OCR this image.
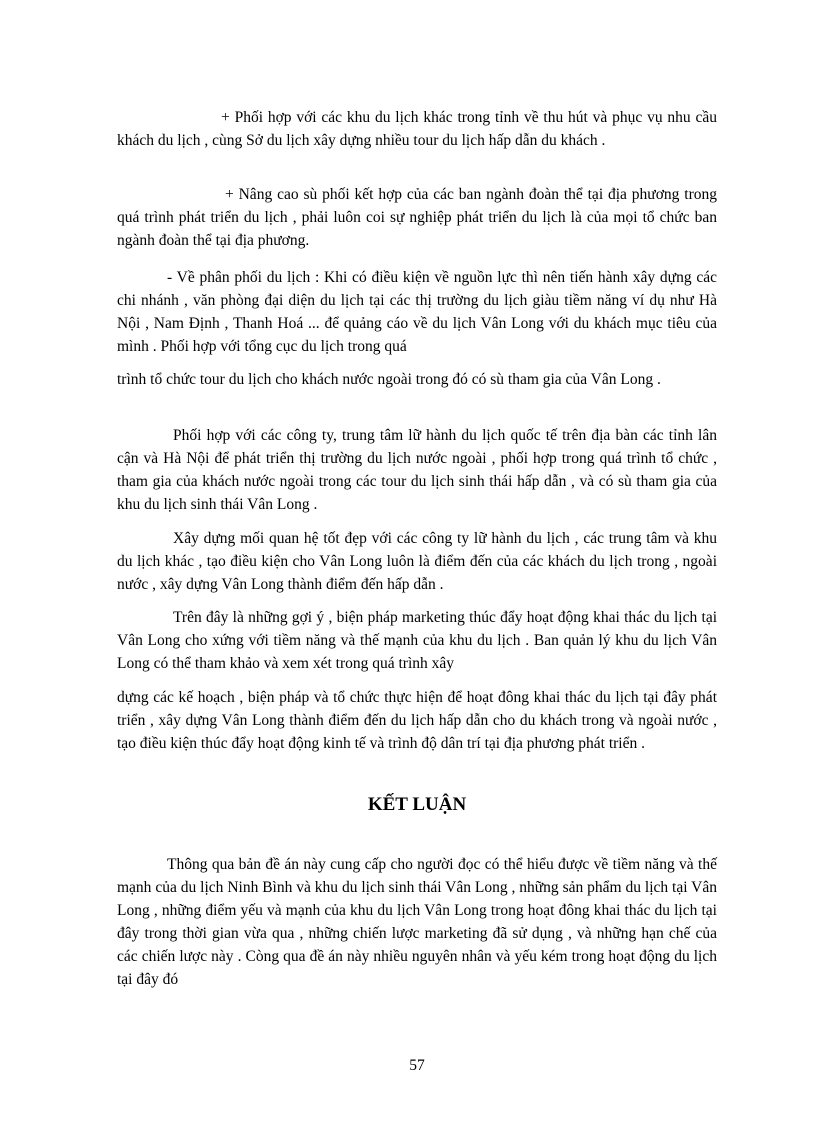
+ Phối hợp với các khu du lịch khác trong tỉnh về thu hút và phục vụ nhu cầu khách du lịch , cùng Sở du lịch xây dựng nhiều tour du lịch hấp dẫn du khách .

+ Nâng cao sù phối kết hợp của các ban ngành đoàn thể tại địa phương trong quá trình phát triển du lịch , phải luôn coi sự nghiệp phát triển du lịch là của mọi tổ chức ban ngành đoàn thể tại địa phương.

- Về phân phối du lịch : Khi có điều kiện về nguồn lực thì nên tiến hành xây dựng các chi nhánh , văn phòng đại diện du lịch tại các thị trường du lịch giàu tiềm năng ví dụ như Hà Nội , Nam Định , Thanh Hoá ... để quảng cáo về du lịch Vân Long với du khách mục tiêu của mình . Phối hợp với tổng cục du lịch trong quá

trình tổ chức tour du lịch cho khách nước ngoài trong đó có sù tham gia của Vân Long .

Phối hợp với các công ty, trung tâm lữ hành du lịch quốc tế trên địa bàn các tỉnh lân cận và Hà Nội để phát triển thị trường du lịch nước ngoài , phối hợp trong quá trình tổ chức , tham gia của khách nước ngoài trong các tour du lịch sinh thái hấp dẫn , và có sù tham gia của khu du lịch sinh thái Vân Long .

Xây dựng mối quan hệ tốt đẹp với các công ty lữ hành du lịch , các trung tâm và khu du lịch khác , tạo điều kiện cho Vân Long luôn là điểm đến của các khách du lịch trong , ngoài nước , xây dựng Vân Long thành điểm đến hấp dẫn .

Trên đây là những gợi ý , biện pháp marketing thúc đẩy hoạt động khai thác du lịch tại Vân Long cho xứng với tiềm năng và thế mạnh của khu du lịch . Ban quản lý khu du lịch Vân Long có thể tham khảo và xem xét trong quá trình xây

dựng các kế hoạch , biện pháp và tổ chức thực hiện để hoạt đông khai thác du lịch tại đây phát triển , xây dựng Vân Long thành điểm đến du lịch hấp dẫn cho du khách trong và ngoài nước , tạo điều kiện thúc đẩy hoạt động kinh tế và trình độ dân trí tại địa phương phát triển .

KẾT LUẬN

Thông qua bản đề án này cung cấp cho người đọc có thể hiểu được về tiềm năng và thế mạnh của du lịch Ninh Bình và khu du lịch sinh thái Vân Long , những sản phẩm du lịch tại Vân Long , những điểm yếu và mạnh của khu du lịch Vân Long trong hoạt đông khai thác du lịch tại đây trong thời gian vừa qua , những chiến lược marketing đã sử dụng , và những hạn chế của các chiến lược này . Còng qua đề án này nhiều nguyên nhân và yếu kém trong hoạt động du lịch tại đây đó

57
